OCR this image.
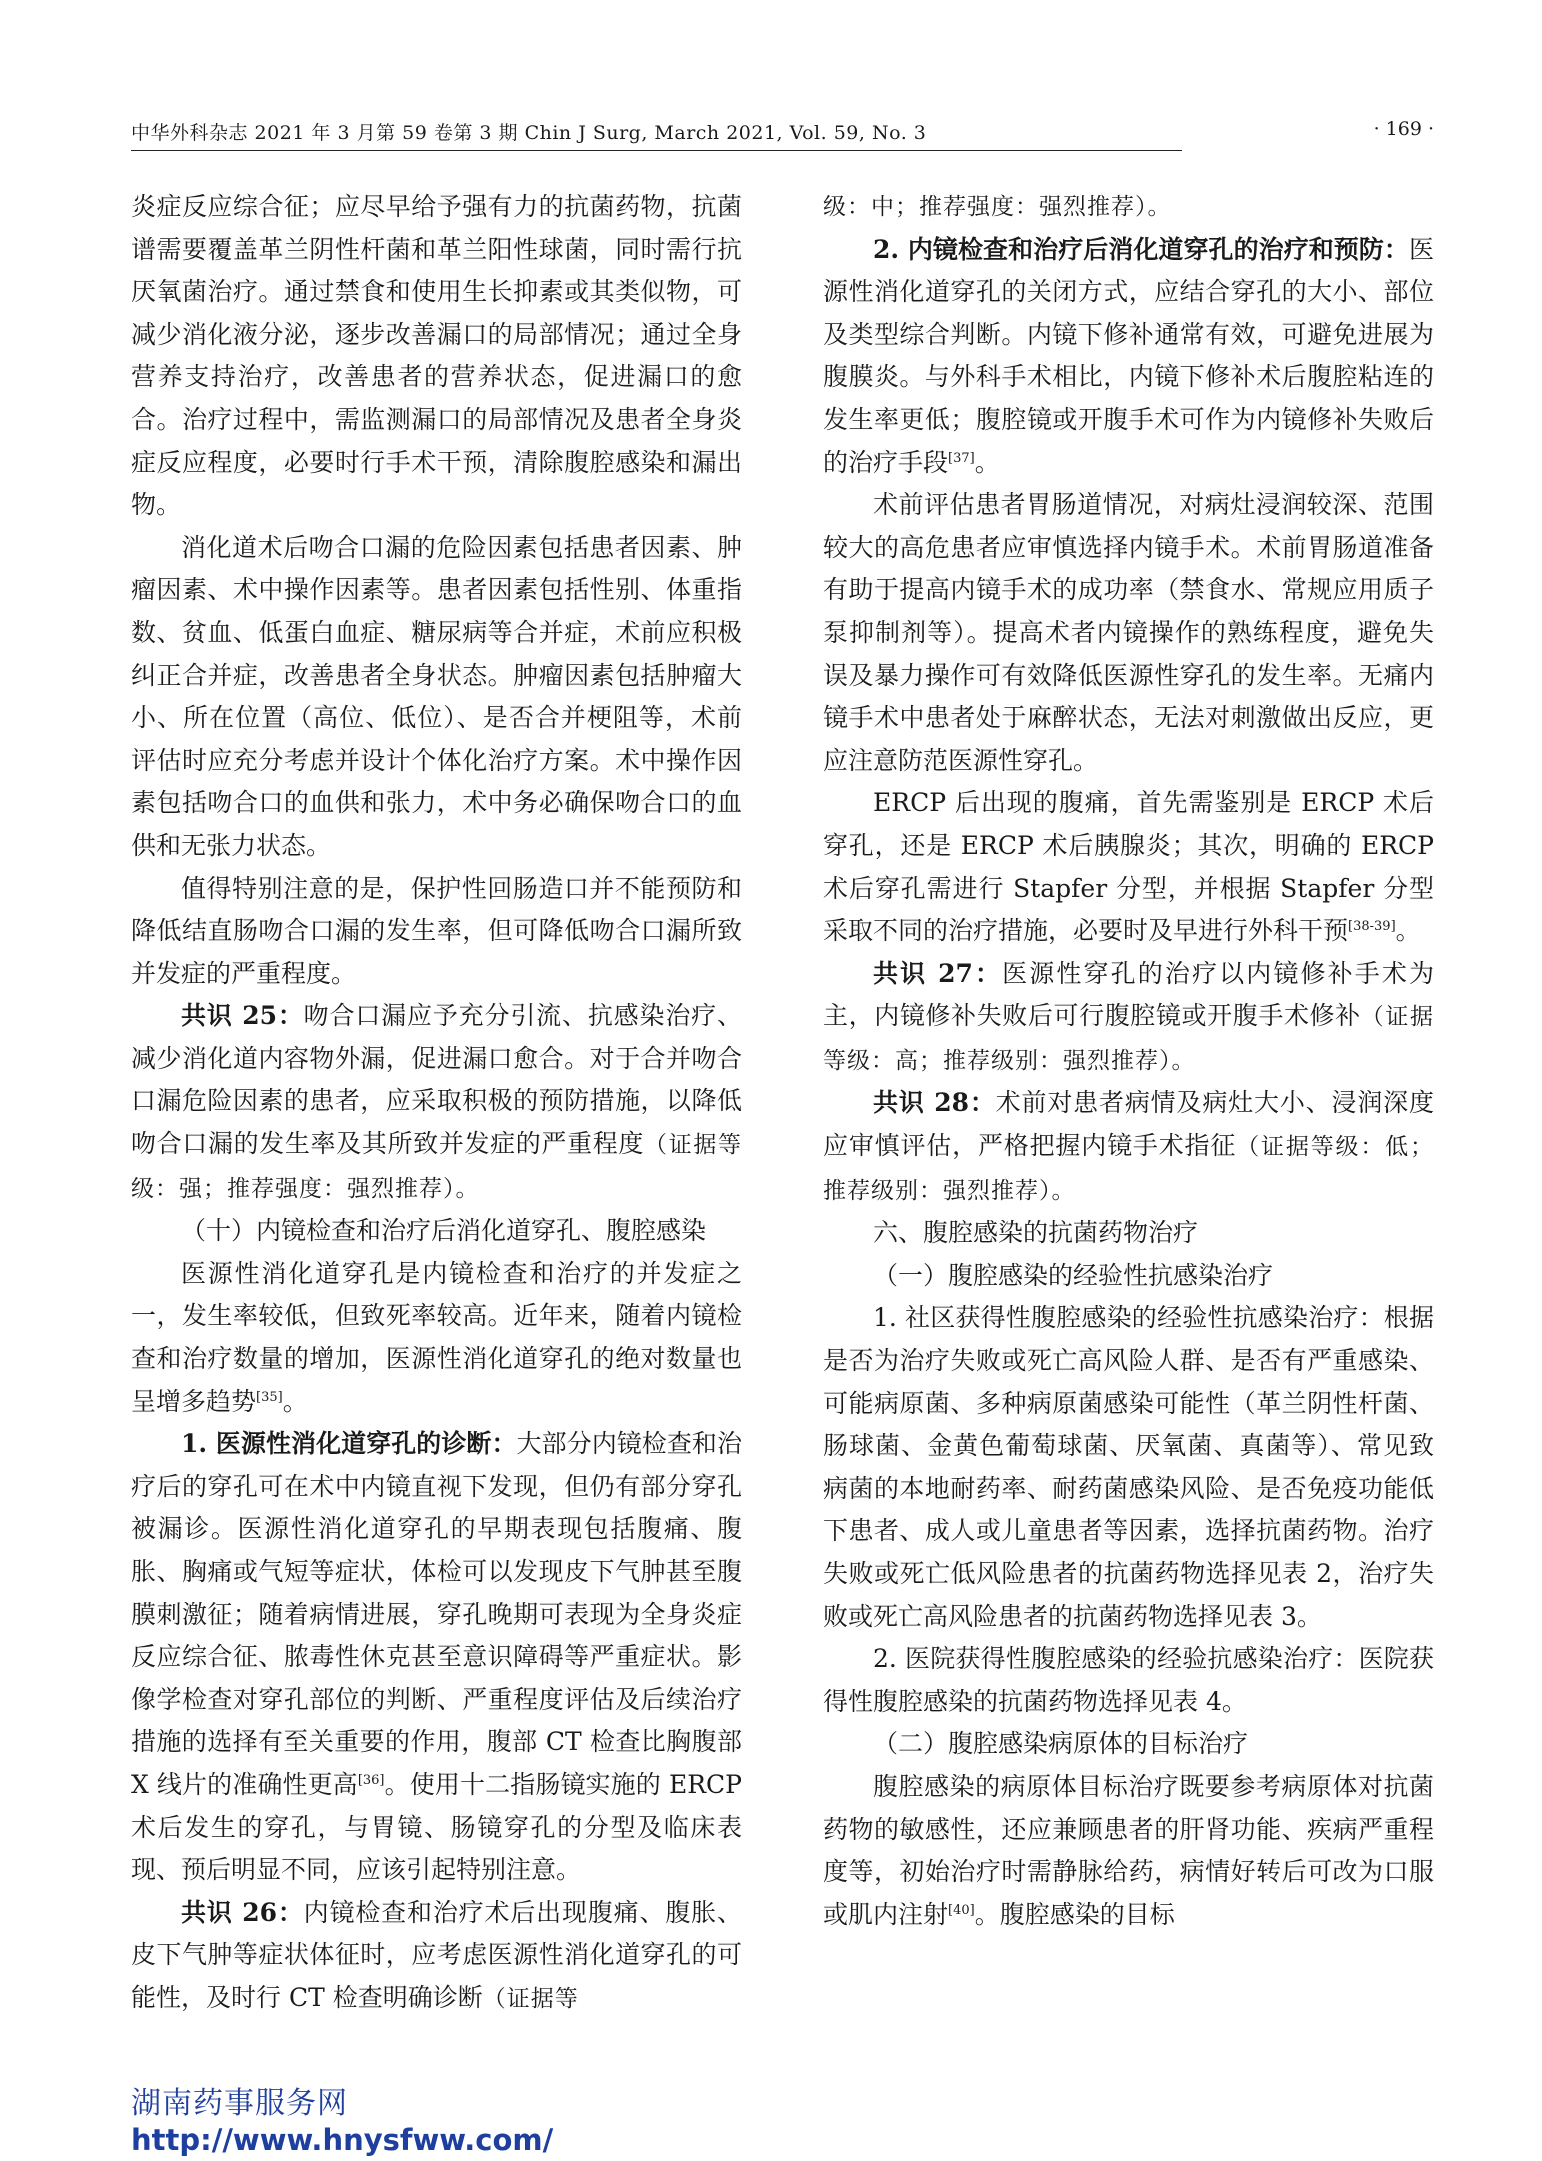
中华外科杂志 2021 年 3 月第 59 卷第 3 期 Chin J Surg, March 2021, Vol. 59, No. 3	· 169 ·

炎症反应综合征；应尽早给予强有力的抗菌药物，抗菌谱需要覆盖革兰阴性杆菌和革兰阳性球菌，同时需行抗厌氧菌治疗。通过禁食和使用生长抑素或其类似物，可减少消化液分泌，逐步改善漏口的局部情况；通过全身营养支持治疗，改善患者的营养状态，促进漏口的愈合。治疗过程中，需监测漏口的局部情况及患者全身炎症反应程度，必要时行手术干预，清除腹腔感染和漏出物。

消化道术后吻合口漏的危险因素包括患者因素、肿瘤因素、术中操作因素等。患者因素包括性别、体重指数、贫血、低蛋白血症、糖尿病等合并症，术前应积极纠正合并症，改善患者全身状态。肿瘤因素包括肿瘤大小、所在位置（高位、低位）、是否合并梗阻等，术前评估时应充分考虑并设计个体化治疗方案。术中操作因素包括吻合口的血供和张力，术中务必确保吻合口的血供和无张力状态。

值得特别注意的是，保护性回肠造口并不能预防和降低结直肠吻合口漏的发生率，但可降低吻合口漏所致并发症的严重程度。

共识 25：吻合口漏应予充分引流、抗感染治疗、减少消化道内容物外漏，促进漏口愈合。对于合并吻合口漏危险因素的患者，应采取积极的预防措施，以降低吻合口漏的发生率及其所致并发症的严重程度（证据等级：强；推荐强度：强烈推荐）。

（十）内镜检查和治疗后消化道穿孔、腹腔感染

医源性消化道穿孔是内镜检查和治疗的并发症之一，发生率较低，但致死率较高。近年来，随着内镜检查和治疗数量的增加，医源性消化道穿孔的绝对数量也呈增多趋势[35]。

1. 医源性消化道穿孔的诊断：大部分内镜检查和治疗后的穿孔可在术中内镜直视下发现，但仍有部分穿孔被漏诊。医源性消化道穿孔的早期表现包括腹痛、腹胀、胸痛或气短等症状，体检可以发现皮下气肿甚至腹膜刺激征；随着病情进展，穿孔晚期可表现为全身炎症反应综合征、脓毒性休克甚至意识障碍等严重症状。影像学检查对穿孔部位的判断、严重程度评估及后续治疗措施的选择有至关重要的作用，腹部 CT 检查比胸腹部 X 线片的准确性更高[36]。使用十二指肠镜实施的 ERCP 术后发生的穿孔，与胃镜、肠镜穿孔的分型及临床表现、预后明显不同，应该引起特别注意。

共识 26：内镜检查和治疗术后出现腹痛、腹胀、皮下气肿等症状体征时，应考虑医源性消化道穿孔的可能性，及时行 CT 检查明确诊断（证据等

级：中；推荐强度：强烈推荐）。

2. 内镜检查和治疗后消化道穿孔的治疗和预防：医源性消化道穿孔的关闭方式，应结合穿孔的大小、部位及类型综合判断。内镜下修补通常有效，可避免进展为腹膜炎。与外科手术相比，内镜下修补术后腹腔粘连的发生率更低；腹腔镜或开腹手术可作为内镜修补失败后的治疗手段[37]。

术前评估患者胃肠道情况，对病灶浸润较深、范围较大的高危患者应审慎选择内镜手术。术前胃肠道准备有助于提高内镜手术的成功率（禁食水、常规应用质子泵抑制剂等）。提高术者内镜操作的熟练程度，避免失误及暴力操作可有效降低医源性穿孔的发生率。无痛内镜手术中患者处于麻醉状态，无法对刺激做出反应，更应注意防范医源性穿孔。

ERCP 后出现的腹痛，首先需鉴别是 ERCP 术后穿孔，还是 ERCP 术后胰腺炎；其次，明确的 ERCP 术后穿孔需进行 Stapfer 分型，并根据 Stapfer 分型采取不同的治疗措施，必要时及早进行外科干预[38-39]。

共识 27：医源性穿孔的治疗以内镜修补手术为主，内镜修补失败后可行腹腔镜或开腹手术修补（证据等级：高；推荐级别：强烈推荐）。

共识 28：术前对患者病情及病灶大小、浸润深度应审慎评估，严格把握内镜手术指征（证据等级：低；推荐级别：强烈推荐）。

六、腹腔感染的抗菌药物治疗

（一）腹腔感染的经验性抗感染治疗

1. 社区获得性腹腔感染的经验性抗感染治疗：根据是否为治疗失败或死亡高风险人群、是否有严重感染、可能病原菌、多种病原菌感染可能性（革兰阴性杆菌、肠球菌、金黄色葡萄球菌、厌氧菌、真菌等）、常见致病菌的本地耐药率、耐药菌感染风险、是否免疫功能低下患者、成人或儿童患者等因素，选择抗菌药物。治疗失败或死亡低风险患者的抗菌药物选择见表 2，治疗失败或死亡高风险患者的抗菌药物选择见表 3。

2. 医院获得性腹腔感染的经验抗感染治疗：医院获得性腹腔感染的抗菌药物选择见表 4。

（二）腹腔感染病原体的目标治疗

腹腔感染的病原体目标治疗既要参考病原体对抗菌药物的敏感性，还应兼顾患者的肝肾功能、疾病严重程度等，初始治疗时需静脉给药，病情好转后可改为口服或肌内注射[40]。腹腔感染的目标

湖南药事服务网
http://www.hnysfww.com/
